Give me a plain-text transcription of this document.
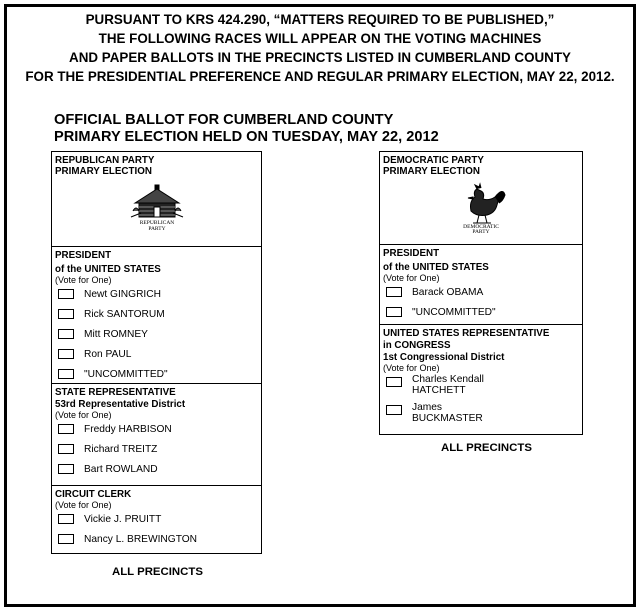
PURSUANT TO KRS 424.290, “MATTERS REQUIRED TO BE PUBLISHED,”
THE FOLLOWING RACES WILL APPEAR ON THE VOTING MACHINES
AND PAPER BALLOTS IN THE PRECINCTS LISTED IN CUMBERLAND COUNTY
FOR THE PRESIDENTIAL PREFERENCE AND REGULAR PRIMARY ELECTION, MAY 22, 2012.
OFFICIAL BALLOT FOR CUMBERLAND COUNTY
PRIMARY ELECTION HELD ON TUESDAY, MAY 22, 2012
REPUBLICAN PARTY
PRIMARY ELECTION
REPUBLICAN
PARTY
PRESIDENT
of the UNITED STATES
(Vote for One)
Newt GINGRICH
Rick SANTORUM
Mitt ROMNEY
Ron PAUL
"UNCOMMITTED"
STATE REPRESENTATIVE
53rd Representative District
(Vote for One)
Freddy HARBISON
Richard TREITZ
Bart ROWLAND
CIRCUIT CLERK
(Vote for One)
Vickie J. PRUITT
Nancy L. BREWINGTON
ALL PRECINCTS
DEMOCRATIC PARTY
PRIMARY ELECTION
DEMOCRATIC
PARTY
PRESIDENT
of the UNITED STATES
(Vote for One)
Barack OBAMA
"UNCOMMITTED"
UNITED STATES REPRESENTATIVE
in CONGRESS
1st Congressional District
(Vote for One)
Charles Kendall
HATCHETT
James
BUCKMASTER
ALL PRECINCTS
